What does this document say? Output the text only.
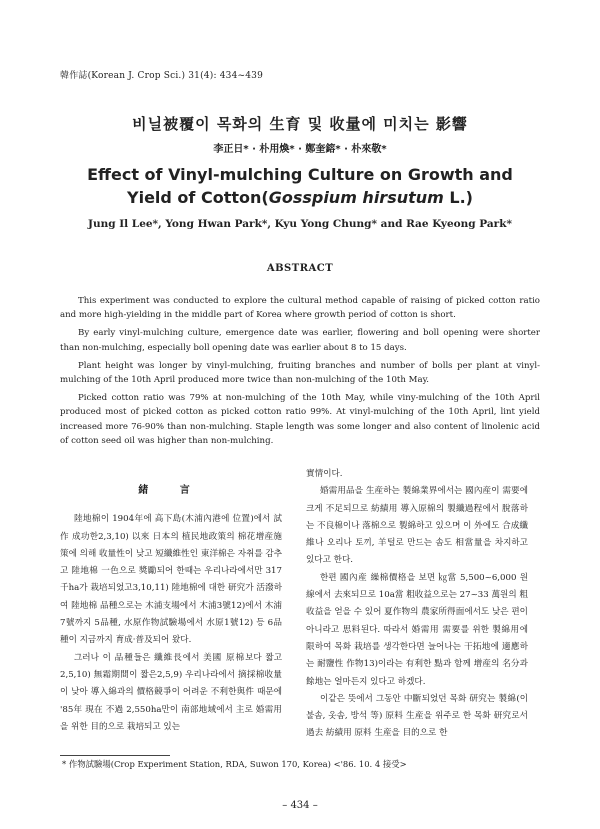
韓作誌(Korean J. Crop Sci.) 31(4): 434~439
비닐被覆이 목화의 生育 및 收量에 미치는 影響
李正日* · 朴用煥* · 鄭奎鎔* · 朴來敬*
Effect of Vinyl-mulching Culture on Growth and
Yield of Cotton(Gosspium hirsutum L.)
Jung Il Lee*, Yong Hwan Park*, Kyu Yong Chung* and Rae Kyeong Park*
ABSTRACT

This experiment was conducted to explore the cultural method capable of raising of picked cotton ratio and more high-yielding in the middle part of Korea where growth period of cotton is short.

By early vinyl-mulching culture, emergence date was earlier, flowering and boll opening were shorter than non-mulching, especially boll opening date was earlier about 8 to 15 days.

Plant height was longer by vinyl-mulching, fruiting branches and number of bolls per plant at vinyl-mulching of the 10th April produced more twice than non-mulching of the 10th May.

Picked cotton ratio was 79% at non-mulching of the 10th May, while viny-mulching of the 10th April produced most of picked cotton as picked cotton ratio 99%. At vinyl-mulching of the 10th April, lint yield increased more 76-90% than non-mulching. Staple length was some longer and also content of linolenic acid of cotton seed oil was higher than non-mulching.

緒 言

陸地棉이 1904年에 高下島(木浦內港에 位置)에서 試作 成功한2,3,10) 以來 日本의 植民地政策의 棉花增産施策에 의해 收量性이 낮고 短纖維性인 東洋棉은 자취를 감추고 陸地棉 一色으로 獎勵되어 한때는 우리나라에서만 317千ha가 栽培되었고3,10,11) 陸地棉에 대한 研究가 活潑하여 陸地棉 品種으로는 木浦支場에서 木浦3號12)에서 木浦7號까지 5品種, 水原作物試驗場에서 水原1號12) 등 6品種이 지금까지 育成·普及되어 왔다.

그러나 이 品種들은 纖維長에서 美國 原棉보다 짧고2,5,10) 無霜期間이 짧은2,5,9) 우리나라에서 摘採棉收量이 낮아 導入綿과의 價格競爭이 어려운 不利한與件 때문에 '85年 現在 不過 2,550ha만이 南部地域에서 主로 婚需用을 위한 目的으로 栽培되고 있는

實情이다.

婚需用品을 生産하는 製綿業界에서는 國內産이 需要에 크게 不足되므로 紡績用 導入原棉의 製纖過程에서 脫落하는 不良棉이나 落棉으로 製綿하고 있으며 이 外에도 合成纖維나 오리나 토끼, 羊털로 만드는 솜도 相當量을 차지하고 있다고 한다.

한편 國內産 繰棉價格을 보면 ㎏當 5,500~6,000 원 線에서 去來되므로 10a當 粗收益으로는 27~33 萬원의 粗收益을 얻을 수 있어 夏作物의 農家所得面에서도 낮은 편이 아니라고 思料된다. 따라서 婚需用 需要를 위한 製綿用에 限하여 목화 栽培를 생각한다면 늘어나는 干拓地에 適應하는 耐鹽性 作物13)이라는 有利한 點과 함께 增産의 名分과 餘地는 얼마든지 있다고 하겠다.

이같은 뜻에서 그동안 中斷되었던 목화 研究는 製綿(이불솜, 옷솜, 방석 等) 原料 生産을 위주로 한 목화 研究로서 過去 紡績用 原料 生産을 目的으로 한

* 作物試驗場(Crop Experiment Station, RDA, Suwon 170, Korea) <'86. 10. 4 接受>
– 434 –
